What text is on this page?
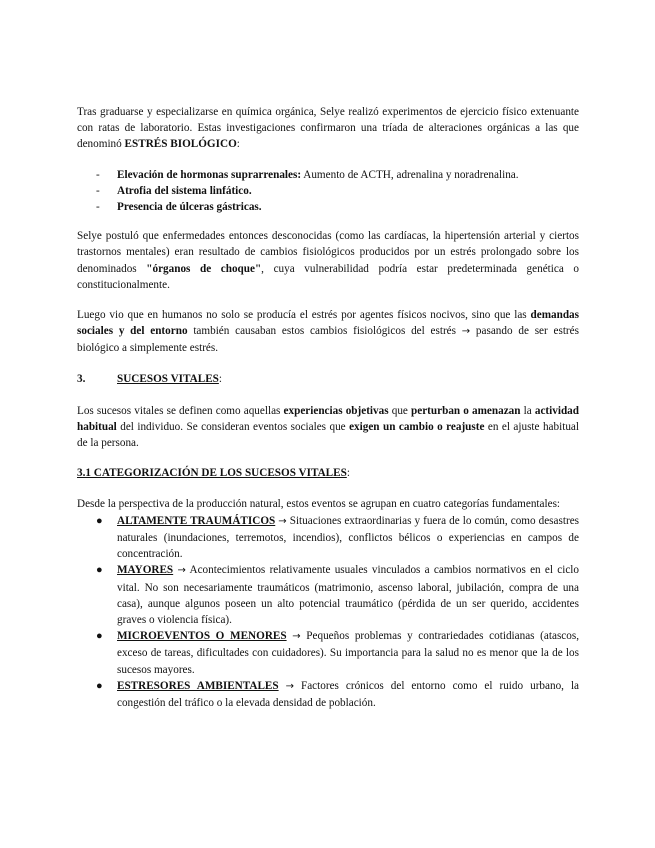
Tras graduarse y especializarse en química orgánica, Selye realizó experimentos de ejercicio físico extenuante con ratas de laboratorio. Estas investigaciones confirmaron una tríada de alteraciones orgánicas a las que denominó ESTRÉS BIOLÓGICO:

- Elevación de hormonas suprarrenales: Aumento de ACTH, adrenalina y noradrenalina.
- Atrofia del sistema linfático.
- Presencia de úlceras gástricas.

Selye postuló que enfermedades entonces desconocidas (como las cardíacas, la hipertensión arterial y ciertos trastornos mentales) eran resultado de cambios fisiológicos producidos por un estrés prolongado sobre los denominados "órganos de choque", cuya vulnerabilidad podría estar predeterminada genética o constitucionalmente.

Luego vio que en humanos no solo se producía el estrés por agentes físicos nocivos, sino que las demandas sociales y del entorno también causaban estos cambios fisiológicos del estrés → pasando de ser estrés biológico a simplemente estrés.

3.	SUCESOS VITALES:

Los sucesos vitales se definen como aquellas experiencias objetivas que perturban o amenazan la actividad habitual del individuo. Se consideran eventos sociales que exigen un cambio o reajuste en el ajuste habitual de la persona.

3.1 CATEGORIZACIÓN DE LOS SUCESOS VITALES:

Desde la perspectiva de la producción natural, estos eventos se agrupan en cuatro categorías fundamentales:

● ALTAMENTE TRAUMÁTICOS → Situaciones extraordinarias y fuera de lo común, como desastres naturales (inundaciones, terremotos, incendios), conflictos bélicos o experiencias en campos de concentración.
● MAYORES → Acontecimientos relativamente usuales vinculados a cambios normativos en el ciclo vital. No son necesariamente traumáticos (matrimonio, ascenso laboral, jubilación, compra de una casa), aunque algunos poseen un alto potencial traumático (pérdida de un ser querido, accidentes graves o violencia física).
● MICROEVENTOS O MENORES → Pequeños problemas y contrariedades cotidianas (atascos, exceso de tareas, dificultades con cuidadores). Su importancia para la salud no es menor que la de los sucesos mayores.
● ESTRESORES AMBIENTALES → Factores crónicos del entorno como el ruido urbano, la congestión del tráfico o la elevada densidad de población.
